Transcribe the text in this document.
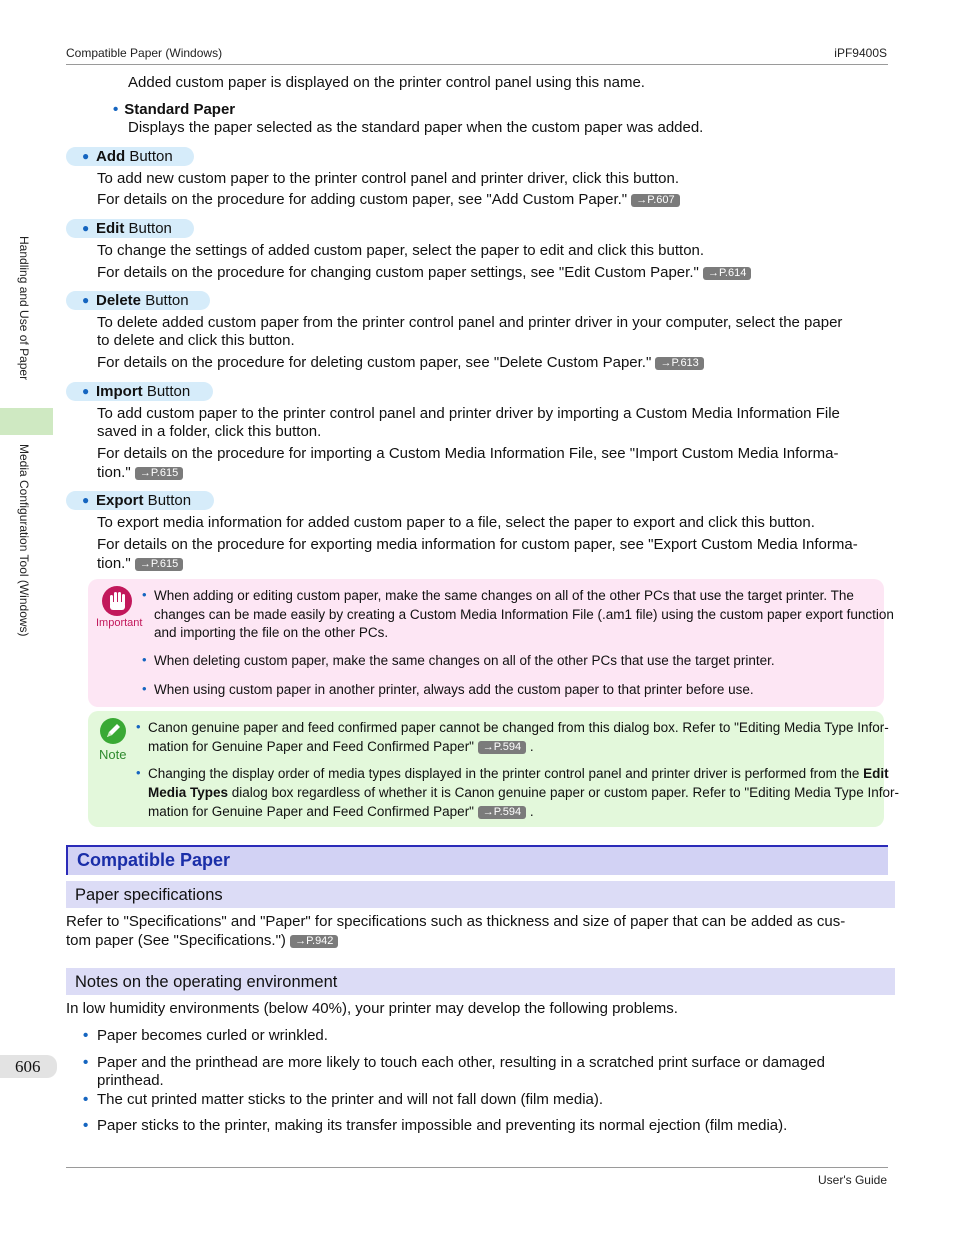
Compatible Paper (Windows)	iPF9400S
Handling and Use of Paper
Media Configuration Tool (Windows)
606
Added custom paper is displayed on the printer control panel using this name.
• Standard Paper
Displays the paper selected as the standard paper when the custom paper was added.
● Add Button
To add new custom paper to the printer control panel and printer driver, click this button.
For details on the procedure for adding custom paper, see "Add Custom Paper." →P.607
● Edit Button
To change the settings of added custom paper, select the paper to edit and click this button.
For details on the procedure for changing custom paper settings, see "Edit Custom Paper." →P.614
● Delete Button
To delete added custom paper from the printer control panel and printer driver in your computer, select the paper
to delete and click this button.
For details on the procedure for deleting custom paper, see "Delete Custom Paper." →P.613
● Import Button
To add custom paper to the printer control panel and printer driver by importing a Custom Media Information File
saved in a folder, click this button.
For details on the procedure for importing a Custom Media Information File, see "Import Custom Media Informa-
tion." →P.615
● Export Button
To export media information for added custom paper to a file, select the paper to export and click this button.
For details on the procedure for exporting media information for custom paper, see "Export Custom Media Informa-
tion." →P.615
Important
• When adding or editing custom paper, make the same changes on all of the other PCs that use the target printer. The
changes can be made easily by creating a Custom Media Information File (.am1 file) using the custom paper export function
and importing the file on the other PCs.
• When deleting custom paper, make the same changes on all of the other PCs that use the target printer.
• When using custom paper in another printer, always add the custom paper to that printer before use.
Note
• Canon genuine paper and feed confirmed paper cannot be changed from this dialog box. Refer to "Editing Media Type Infor-
mation for Genuine Paper and Feed Confirmed Paper" →P.594 .
• Changing the display order of media types displayed in the printer control panel and printer driver is performed from the Edit
Media Types dialog box regardless of whether it is Canon genuine paper or custom paper. Refer to "Editing Media Type Infor-
mation for Genuine Paper and Feed Confirmed Paper" →P.594 .
Compatible Paper
Paper specifications
Refer to "Specifications" and "Paper" for specifications such as thickness and size of paper that can be added as cus-
tom paper (See "Specifications.") →P.942
Notes on the operating environment
In low humidity environments (below 40%), your printer may develop the following problems.
• Paper becomes curled or wrinkled.
• Paper and the printhead are more likely to touch each other, resulting in a scratched print surface or damaged
printhead.
• The cut printed matter sticks to the printer and will not fall down (film media).
• Paper sticks to the printer, making its transfer impossible and preventing its normal ejection (film media).
User's Guide
